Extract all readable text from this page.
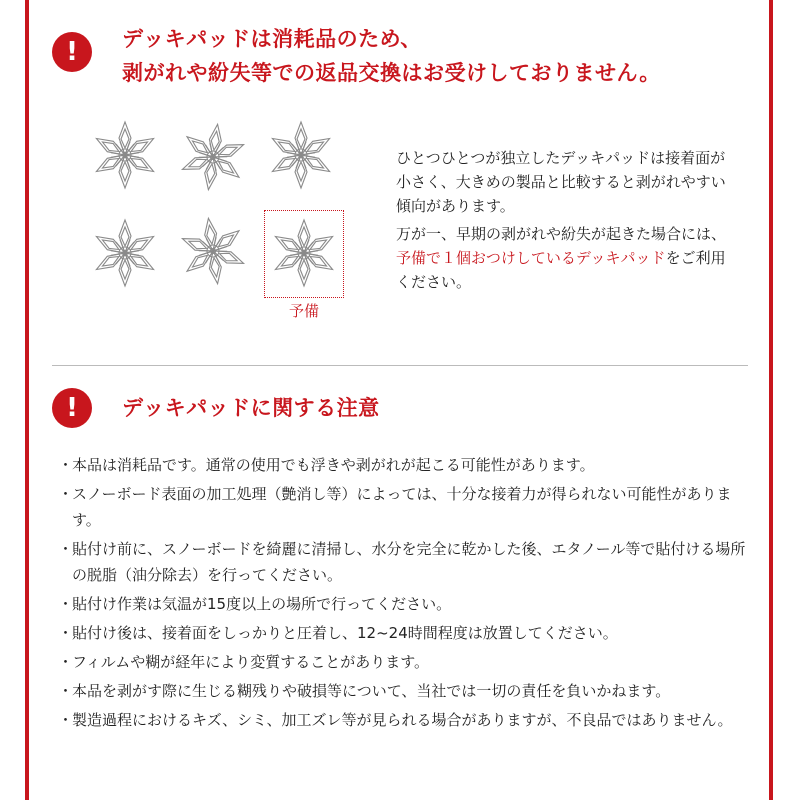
!	デッキパッドは消耗品のため、
剥がれや紛失等での返品交換はお受けしておりません。
予備

ひとつひとつが独立したデッキパッドは接着面が小さく、大きめの製品と比較すると剥がれやすい傾向があります。

万が一、早期の剥がれや紛失が起きた場合には、予備で１個おつけしているデッキパッドをご利用ください。

!	デッキパッドに関する注意
・
本品は消耗品です。通常の使用でも浮きや剥がれが起こる可能性があります。
・
スノーボード表面の加工処理（艶消し等）によっては、十分な接着力が得られない可能性があります。
・
貼付け前に、スノーボードを綺麗に清掃し、水分を完全に乾かした後、エタノール等で貼付ける場所の脱脂（油分除去）を行ってください。
・
貼付け作業は気温が15度以上の場所で行ってください。
・
貼付け後は、接着面をしっかりと圧着し、12~24時間程度は放置してください。
・
フィルムや糊が経年により変質することがあります。
・
本品を剥がす際に生じる糊残りや破損等について、当社では一切の責任を負いかねます。
・
製造過程におけるキズ、シミ、加工ズレ等が見られる場合がありますが、不良品ではありません。
